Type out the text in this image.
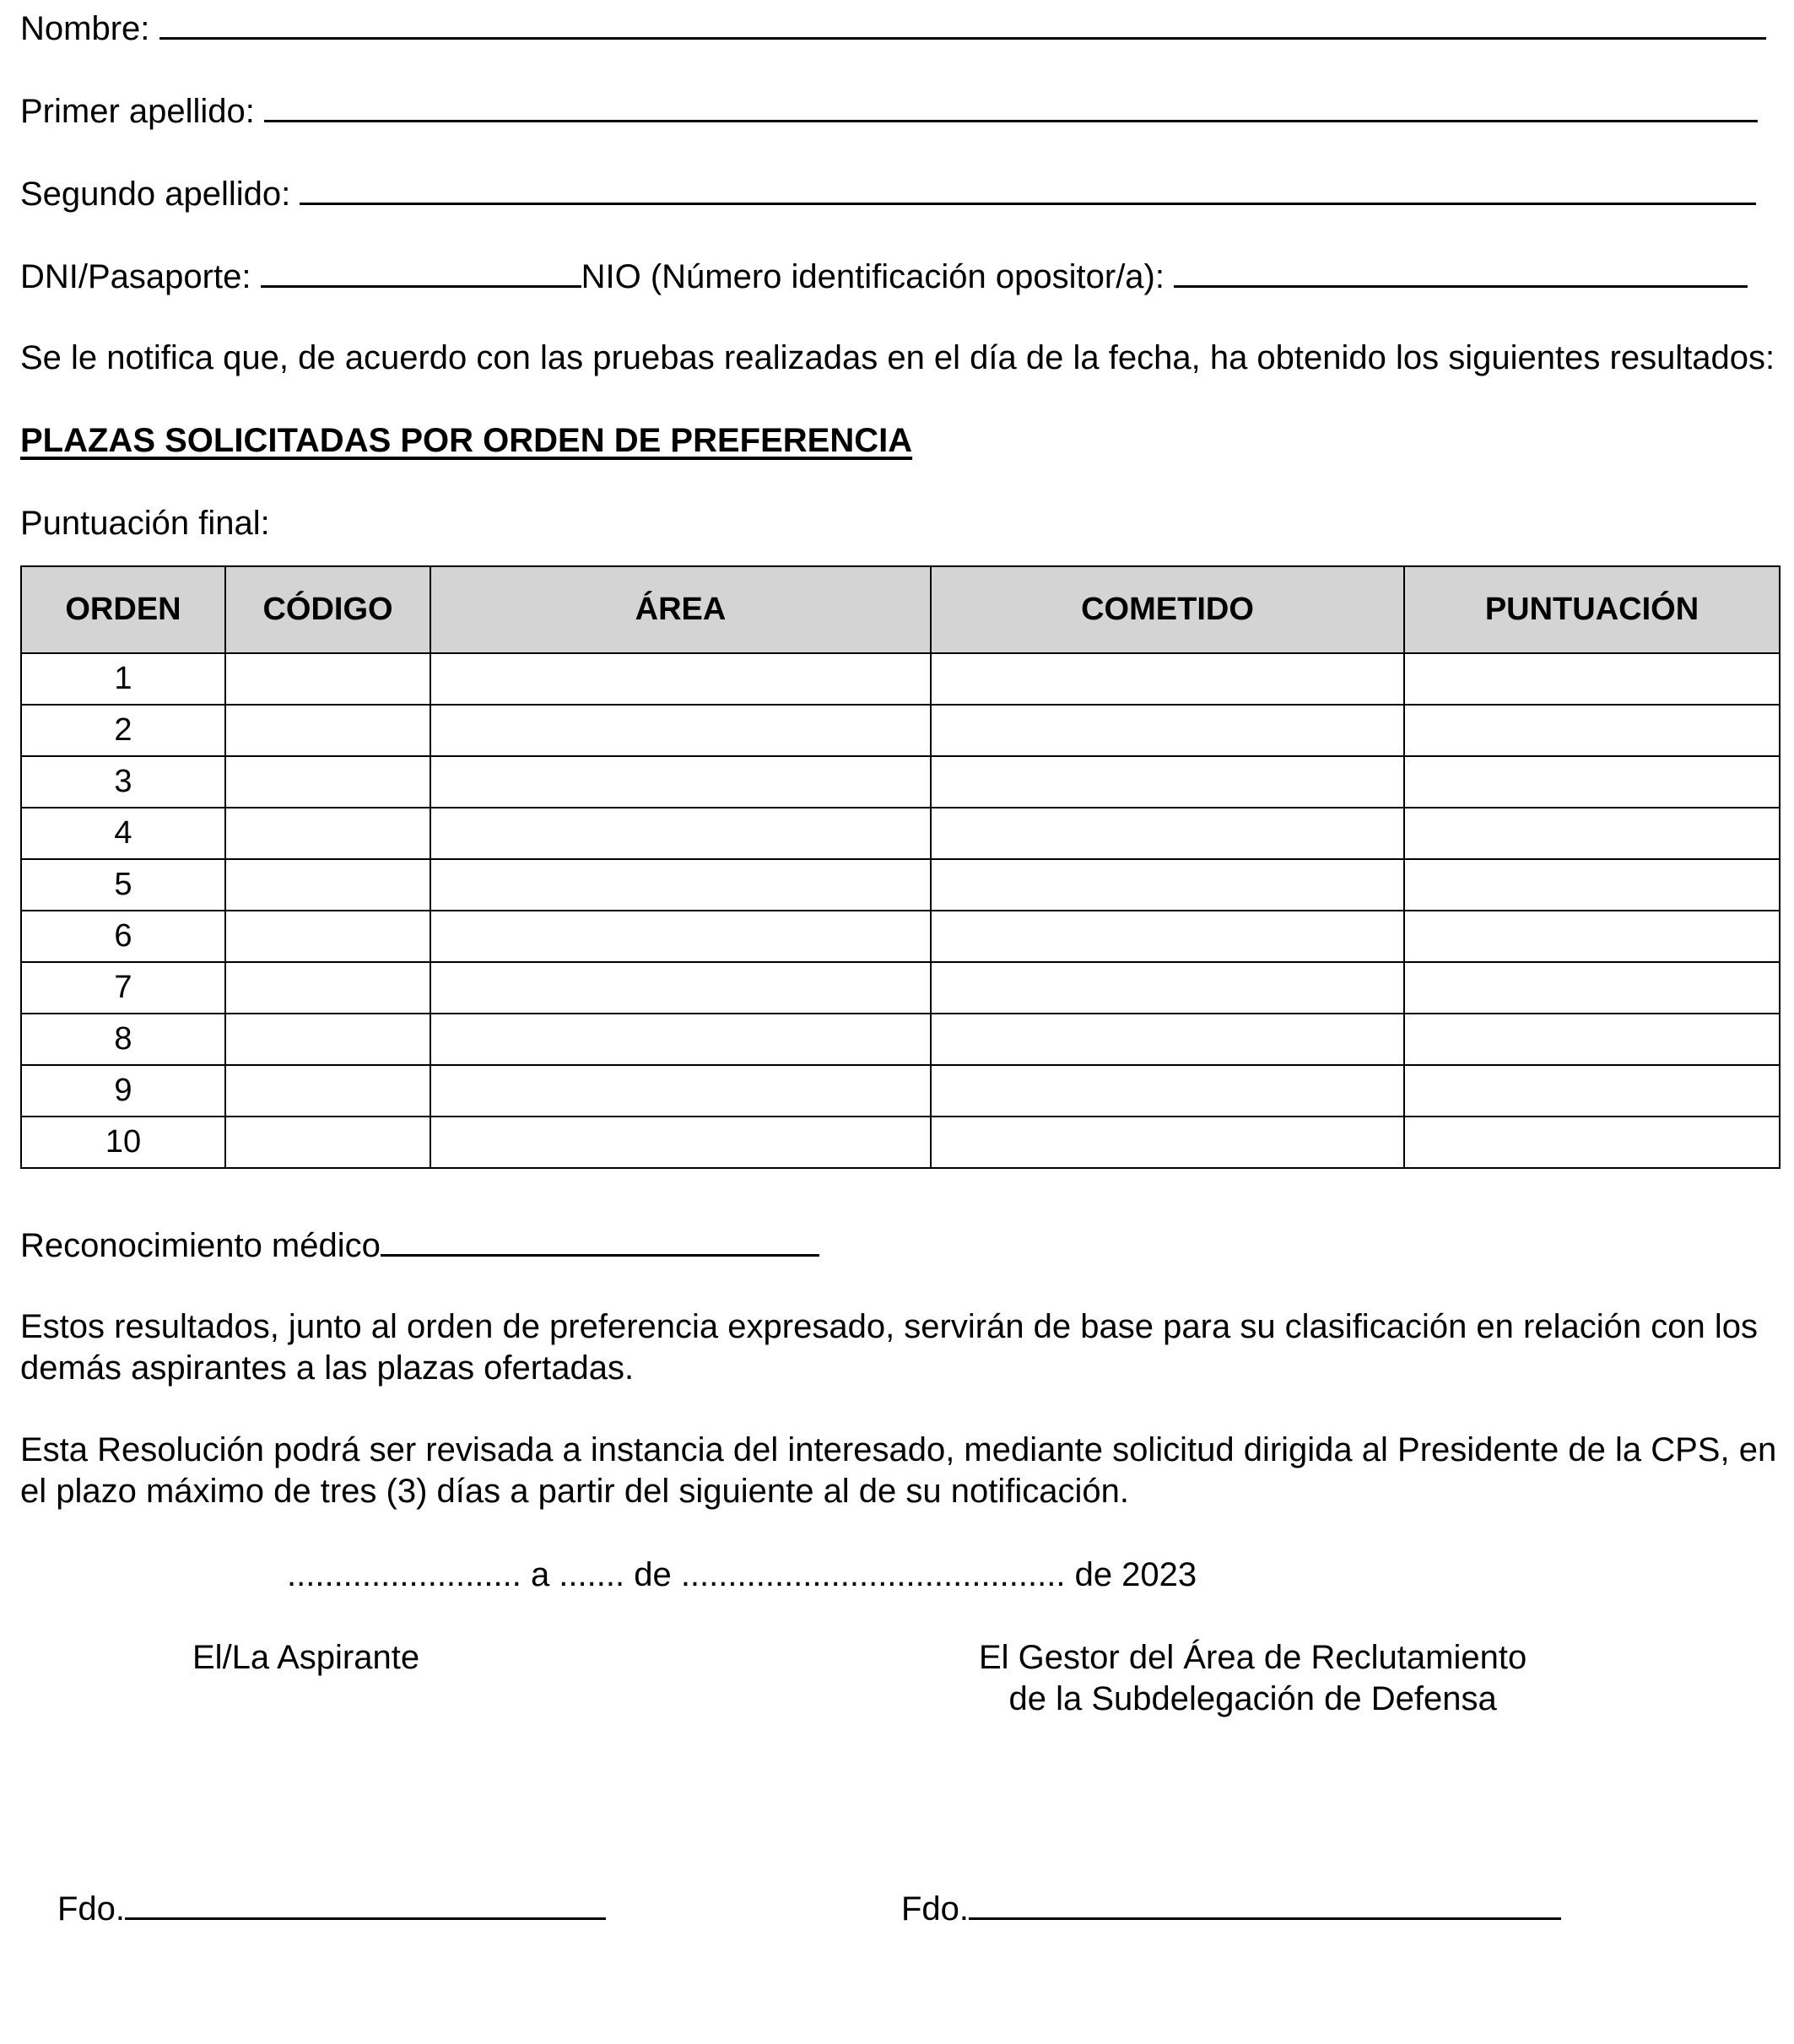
Nombre:
Primer apellido:
Segundo apellido:
DNI/Pasaporte:	NIO (Número identificación opositor/a):
Se le notifica que, de acuerdo con las pruebas realizadas en el día de la fecha, ha obtenido los siguientes resultados:
PLAZAS SOLICITADAS POR ORDEN DE PREFERENCIA
Puntuación final:
ORDEN	CÓDIGO	ÁREA	COMETIDO	PUNTUACIÓN
1				
2				
3				
4				
5				
6				
7				
8				
9				
10				
Reconocimiento médico
Estos resultados, junto al orden de preferencia expresado, servirán de base para su clasificación en relación con los demás aspirantes a las plazas ofertadas.
Esta Resolución podrá ser revisada a instancia del interesado, mediante solicitud dirigida al Presidente de la CPS, en el plazo máximo de tres (3) días a partir del siguiente al de su notificación.
......................... a ....... de ......................................... de 2023
El/La Aspirante	El Gestor del Área de Reclutamiento
de la Subdelegación de Defensa
Fdo.	Fdo.
